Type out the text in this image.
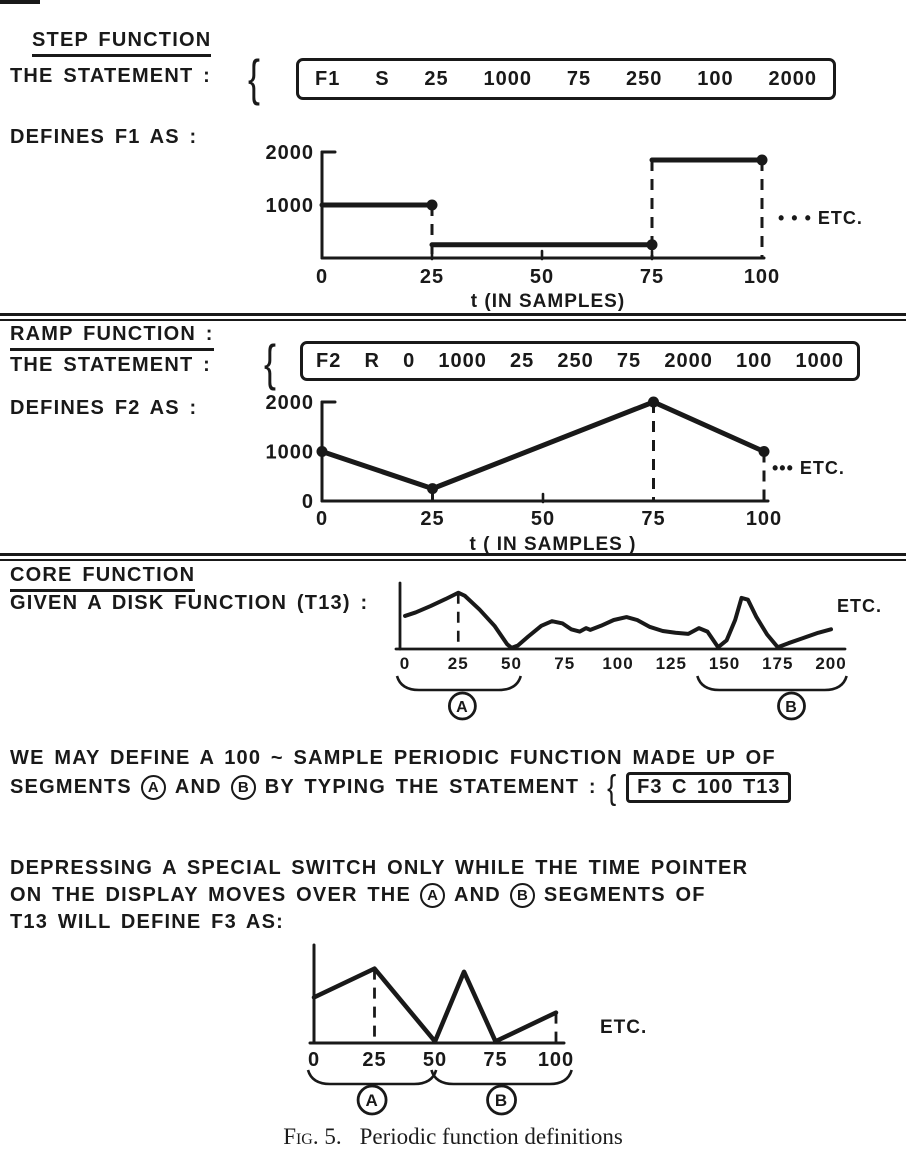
STEP FUNCTION
THE STATEMENT : {	F1 S 25 1000 75 250 100 2000
DEFINES F1 AS :
2000
1000
0	25	50	75	100
t (IN SAMPLES)
• • • ETC.
RAMP FUNCTION :
THE STATEMENT : { F2 R 0 1000 25 250 75 2000 100 1000
DEFINES F2 AS :	2000
1000
0
0	25	50	75	100
t ( IN SAMPLES )
••• ETC.
CORE FUNCTION
GIVEN A DISK FUNCTION (T13) :
0 25 50 75 100 125 150 175 200
A	B
ETC.
WE MAY DEFINE A 100 ~ SAMPLE PERIODIC FUNCTION MADE UP OF
SEGMENTS	A AND	B BY TYPING THE STATEMENT : {	F3 C 100 T13
DEPRESSING A SPECIAL SWITCH ONLY WHILE THE TIME POINTER
ON THE DISPLAY MOVES OVER THE	A AND	B SEGMENTS OF
T13 WILL DEFINE F3 AS:
0 25 50 75 100
A	B
ETC.
Fig. 5. Periodic function definitions
